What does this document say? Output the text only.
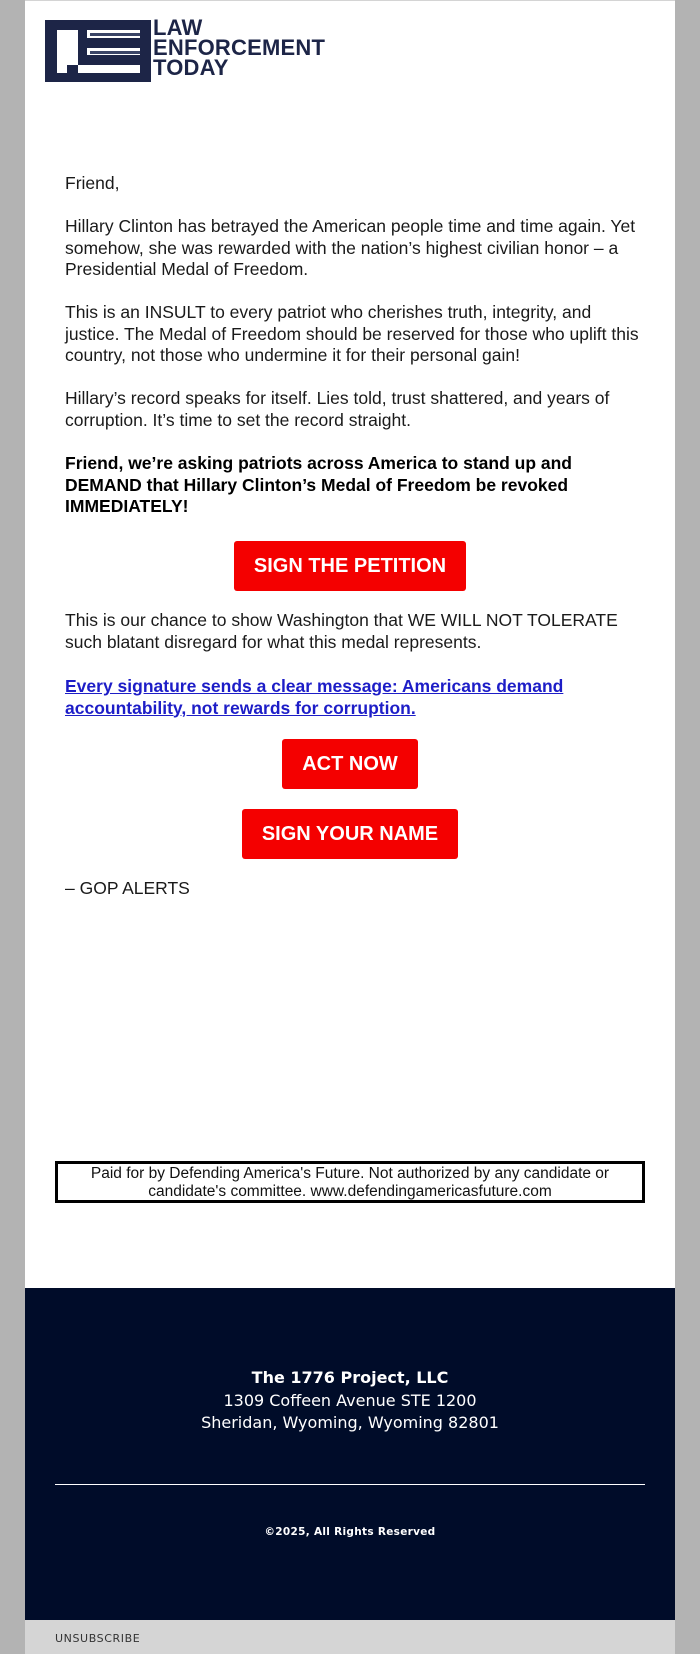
LAW
ENFORCEMENT
TODAY

Friend,

Hillary Clinton has betrayed the American people time and time again. Yet somehow, she was rewarded with the nation’s highest civilian honor – a Presidential Medal of Freedom.

This is an INSULT to every patriot who cherishes truth, integrity, and justice. The Medal of Freedom should be reserved for those who uplift this country, not those who undermine it for their personal gain!

Hillary’s record speaks for itself. Lies told, trust shattered, and years of corruption. It’s time to set the record straight.

Friend, we’re asking patriots across America to stand up and DEMAND that Hillary Clinton’s Medal of Freedom be revoked IMMEDIATELY!

This is our chance to show Washington that WE WILL NOT TOLERATE such blatant disregard for what this medal represents.

Every signature sends a clear message: Americans demand accountability, not rewards for corruption.

– GOP ALERTS

SIGN THE PETITION
ACT NOW
SIGN YOUR NAME
Paid for by Defending America's Future. Not authorized by any candidate or candidate's committee. www.defendingamericasfuture.com
The 1776 Project, LLC
1309 Coffeen Avenue STE 1200
Sheridan, Wyoming, Wyoming 82801
©2025, All Rights Reserved
UNSUBSCRIBE
